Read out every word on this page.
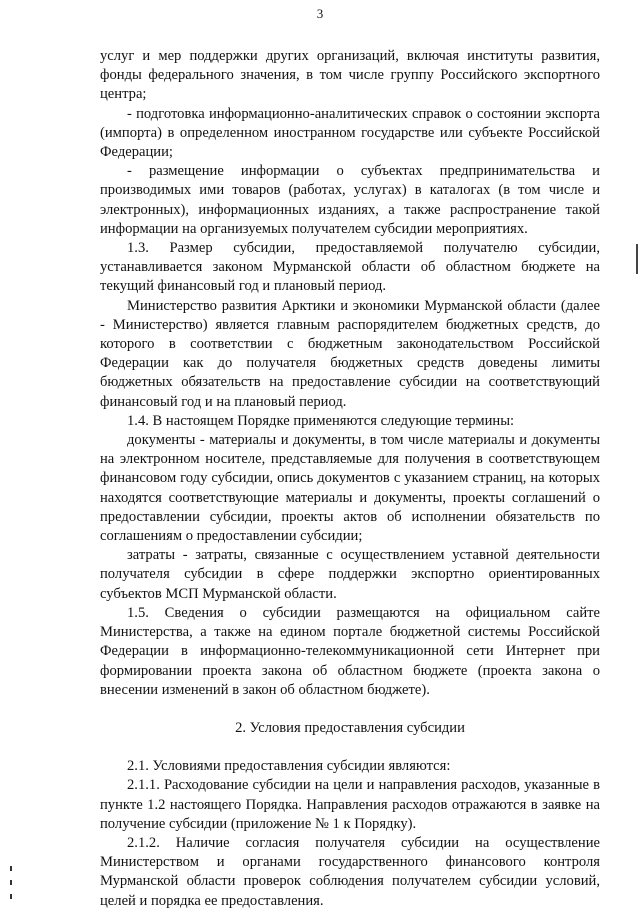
3

услуг и мер поддержки других организаций, включая институты развития, фонды федерального значения, в том числе группу Российского экспортного центра;

- подготовка информационно-аналитических справок о состоянии экспорта (импорта) в определенном иностранном государстве или субъекте Российской Федерации;

- размещение информации о субъектах предпринимательства и производимых ими товаров (работах, услугах) в каталогах (в том числе и электронных), информационных изданиях, а также распространение такой информации на организуемых получателем субсидии мероприятиях.

1.3. Размер субсидии, предоставляемой получателю субсидии, устанавливается законом Мурманской области об областном бюджете на текущий финансовый год и плановый период.

Министерство развития Арктики и экономики Мурманской области (далее - Министерство) является главным распорядителем бюджетных средств, до которого в соответствии с бюджетным законодательством Российской Федерации как до получателя бюджетных средств доведены лимиты бюджетных обязательств на предоставление субсидии на соответствующий финансовый год и на плановый период.

1.4. В настоящем Порядке применяются следующие термины:

документы - материалы и документы, в том числе материалы и документы на электронном носителе, представляемые для получения в соответствующем финансовом году субсидии, опись документов с указанием страниц, на которых находятся соответствующие материалы и документы, проекты соглашений о предоставлении субсидии, проекты актов об исполнении обязательств по соглашениям о предоставлении субсидии;

затраты - затраты, связанные с осуществлением уставной деятельности получателя субсидии в сфере поддержки экспортно ориентированных субъектов МСП Мурманской области.

1.5. Сведения о субсидии размещаются на официальном сайте Министерства, а также на едином портале бюджетной системы Российской Федерации в информационно-телекоммуникационной сети Интернет при формировании проекта закона об областном бюджете (проекта закона о внесении изменений в закон об областном бюджете).

2. Условия предоставления субсидии

2.1. Условиями предоставления субсидии являются:

2.1.1. Расходование субсидии на цели и направления расходов, указанные в пункте 1.2 настоящего Порядка. Направления расходов отражаются в заявке на получение субсидии (приложение № 1 к Порядку).

2.1.2. Наличие согласия получателя субсидии на осуществление Министерством и органами государственного финансового контроля Мурманской области проверок соблюдения получателем субсидии условий, целей и порядка ее предоставления.
